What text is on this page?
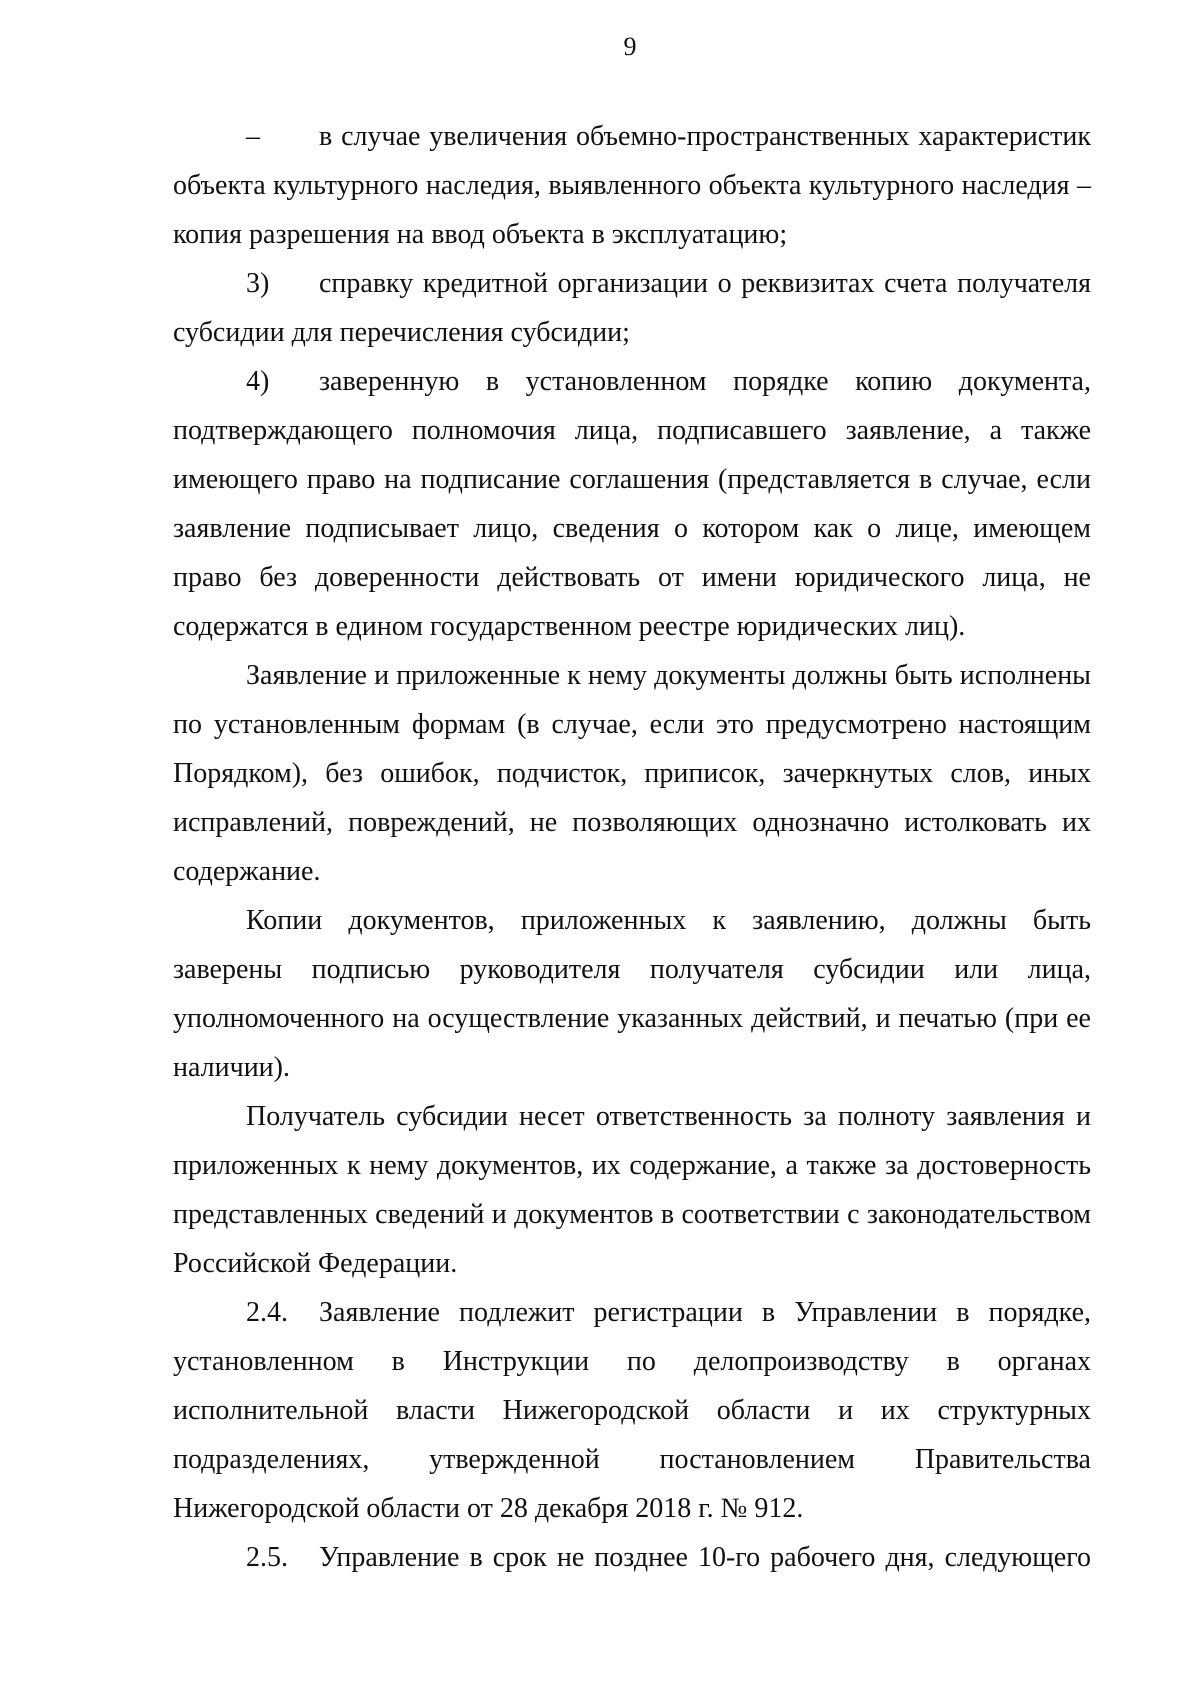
9

– в случае увеличения объемно-пространственных характеристик объекта культурного наследия, выявленного объекта культурного наследия – копия разрешения на ввод объекта в эксплуатацию;

3) справку кредитной организации о реквизитах счета получателя субсидии для перечисления субсидии;

4) заверенную в установленном порядке копию документа, подтверждающего полномочия лица, подписавшего заявление, а также имеющего право на подписание соглашения (представляется в случае, если заявление подписывает лицо, сведения о котором как о лице, имеющем право без доверенности действовать от имени юридического лица, не содержатся в едином государственном реестре юридических лиц).

Заявление и приложенные к нему документы должны быть исполнены по установленным формам (в случае, если это предусмотрено настоящим Порядком), без ошибок, подчисток, приписок, зачеркнутых слов, иных исправлений, повреждений, не позволяющих однозначно истолковать их содержание.

Копии документов, приложенных к заявлению, должны быть заверены подписью руководителя получателя субсидии или лица, уполномоченного на осуществление указанных действий, и печатью (при ее наличии).

Получатель субсидии несет ответственность за полноту заявления и приложенных к нему документов, их содержание, а также за достоверность представленных сведений и документов в соответствии с законодательством Российской Федерации.

2.4. Заявление подлежит регистрации в Управлении в порядке, установленном в Инструкции по делопроизводству в органах исполнительной власти Нижегородской области и их структурных подразделениях, утвержденной постановлением Правительства Нижегородской области от 28 декабря 2018 г. № 912.

2.5. Управление в срок не позднее 10-го рабочего дня, следующего
